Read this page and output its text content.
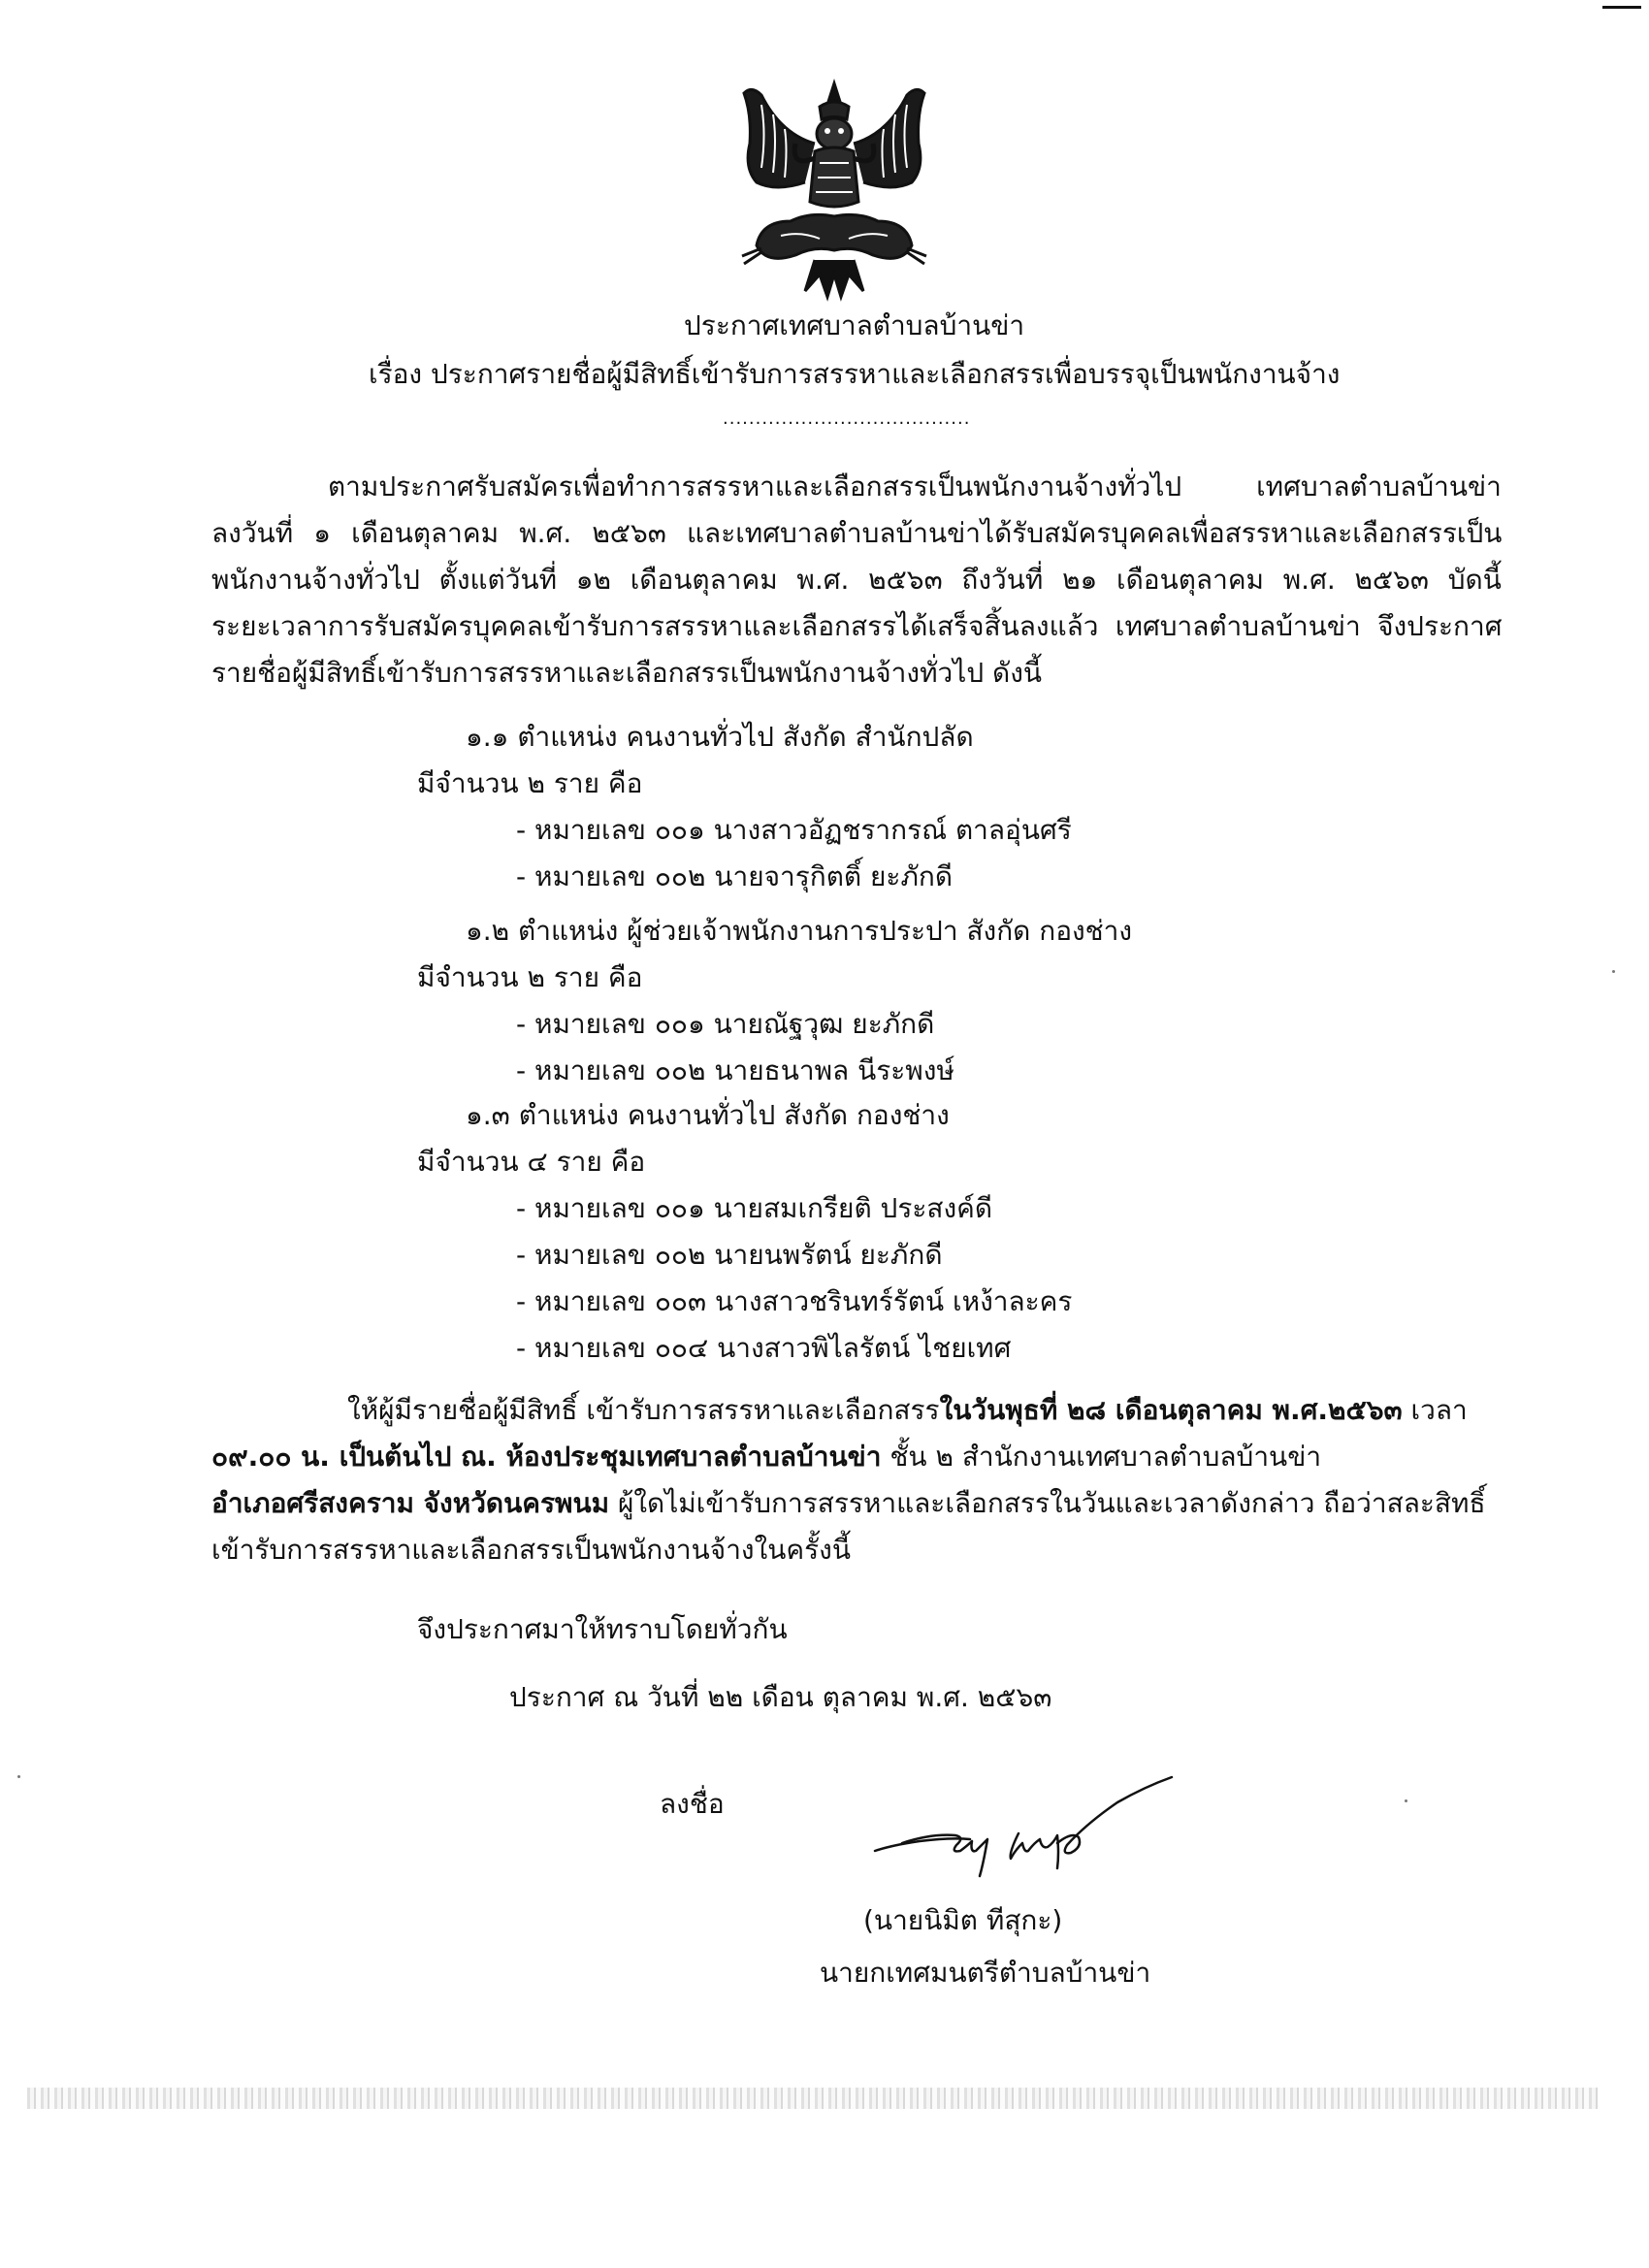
ประกาศเทศบาลตำบลบ้านข่า
เรื่อง ประกาศรายชื่อผู้มีสิทธิ์เข้ารับการสรรหาและเลือกสรรเพื่อบรรจุเป็นพนักงานจ้าง
......................................
ตามประกาศรับสมัครเพื่อทำการสรรหาและเลือกสรรเป็นพนักงานจ้างทั่วไป เทศบาลตำบลบ้านข่า
ลงวันที่ ๑ เดือนตุลาคม พ.ศ. ๒๕๖๓ และเทศบาลตำบลบ้านข่าได้รับสมัครบุคคลเพื่อสรรหาและเลือกสรรเป็น
พนักงานจ้างทั่วไป ตั้งแต่วันที่ ๑๒ เดือนตุลาคม พ.ศ. ๒๕๖๓ ถึงวันที่ ๒๑ เดือนตุลาคม พ.ศ. ๒๕๖๓ บัดนี้
ระยะเวลาการรับสมัครบุคคลเข้ารับการสรรหาและเลือกสรรได้เสร็จสิ้นลงแล้ว เทศบาลตำบลบ้านข่า จึงประกาศ
รายชื่อผู้มีสิทธิ์เข้ารับการสรรหาและเลือกสรรเป็นพนักงานจ้างทั่วไป ดังนี้
๑.๑ ตำแหน่ง คนงานทั่วไป สังกัด สำนักปลัด
มีจำนวน ๒ ราย คือ
- หมายเลข ๐๐๑ นางสาวอัฏชรากรณ์ ตาลอุ่นศรี
- หมายเลข ๐๐๒ นายจารุกิตติ์ ยะภักดี
๑.๒ ตำแหน่ง ผู้ช่วยเจ้าพนักงานการประปา สังกัด กองช่าง
มีจำนวน ๒ ราย คือ
- หมายเลข ๐๐๑ นายณัฐวุฒ ยะภักดี
- หมายเลข ๐๐๒ นายธนาพล นีระพงษ์
๑.๓ ตำแหน่ง คนงานทั่วไป สังกัด กองช่าง
มีจำนวน ๔ ราย คือ
- หมายเลข ๐๐๑ นายสมเกรียติ ประสงค์ดี
- หมายเลข ๐๐๒ นายนพรัตน์ ยะภักดี
- หมายเลข ๐๐๓ นางสาวชรินทร์รัตน์ เหง้าละคร
- หมายเลข ๐๐๔ นางสาวพิไลรัตน์ ไชยเทศ
ให้ผู้มีรายชื่อผู้มีสิทธิ์ เข้ารับการสรรหาและเลือกสรรในวันพุธที่ ๒๘ เดือนตุลาคม พ.ศ.๒๕๖๓ เวลา
๐๙.๐๐ น. เป็นต้นไป ณ. ห้องประชุมเทศบาลตำบลบ้านข่า ชั้น ๒ สำนักงานเทศบาลตำบลบ้านข่า
อำเภอศรีสงคราม จังหวัดนครพนม ผู้ใดไม่เข้ารับการสรรหาและเลือกสรรในวันและเวลาดังกล่าว ถือว่าสละสิทธิ์
เข้ารับการสรรหาและเลือกสรรเป็นพนักงานจ้างในครั้งนี้
จึงประกาศมาให้ทราบโดยทั่วกัน
ประกาศ ณ วันที่ ๒๒ เดือน ตุลาคม พ.ศ. ๒๕๖๓
ลงชื่อ
(นายนิมิต ทีสุกะ)
นายกเทศมนตรีตำบลบ้านข่า
